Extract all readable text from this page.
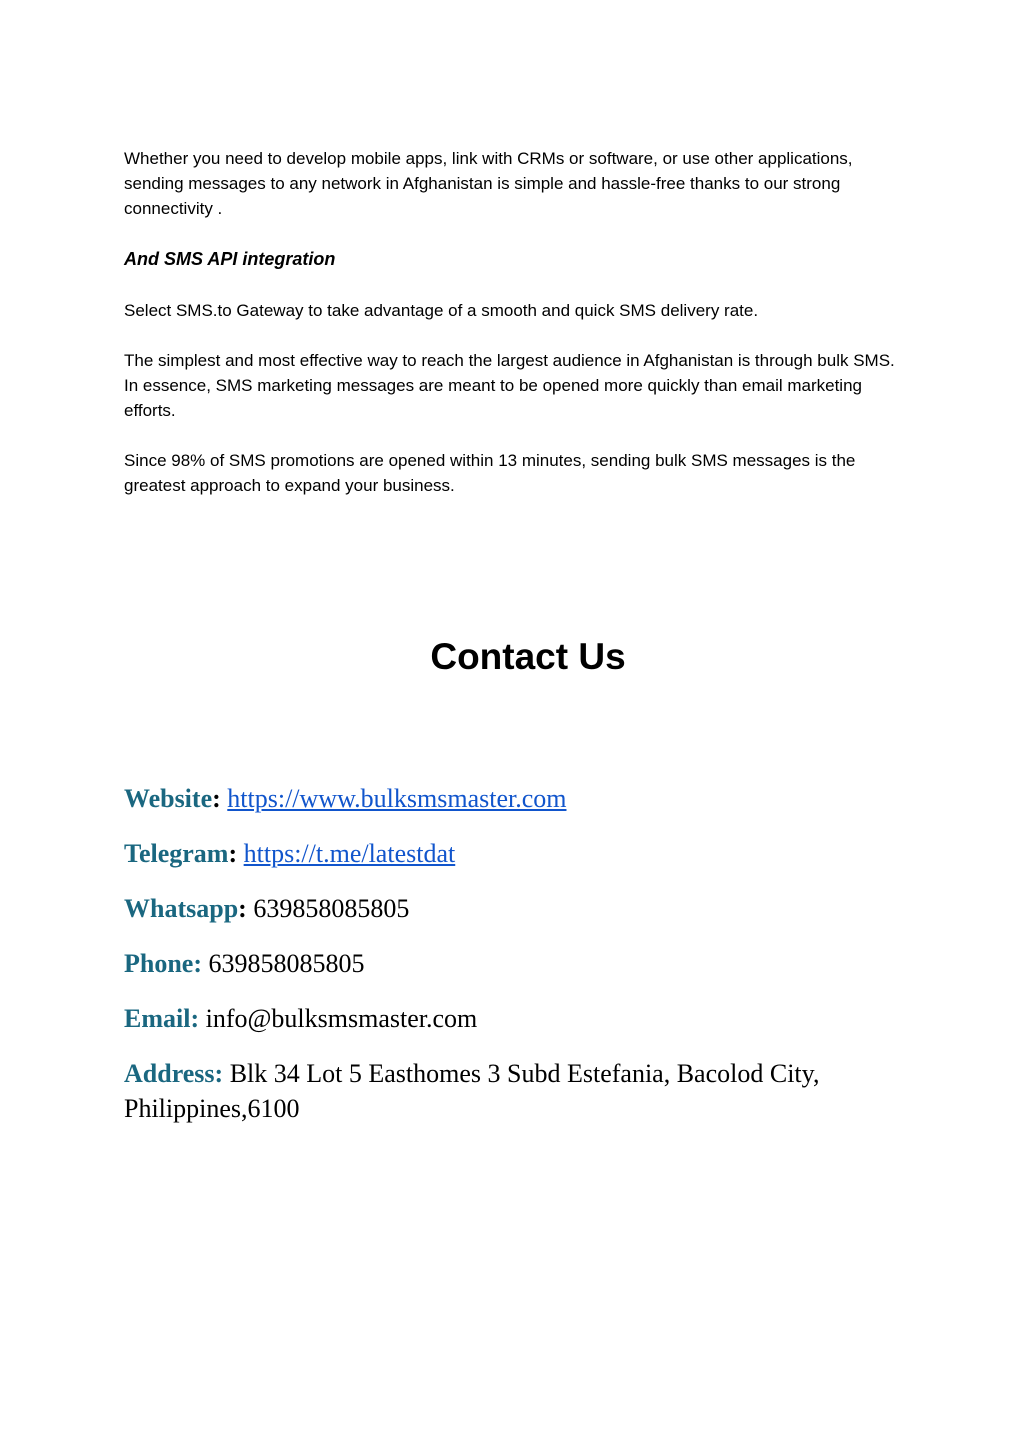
Whether you need to develop mobile apps, link with CRMs or software, or use other applications, sending messages to any network in Afghanistan is simple and hassle-free thanks to our strong connectivity .

And SMS API integration

Select SMS.to Gateway to take advantage of a smooth and quick SMS delivery rate.

The simplest and most effective way to reach the largest audience in Afghanistan is through bulk SMS. In essence, SMS marketing messages are meant to be opened more quickly than email marketing efforts.

Since 98% of SMS promotions are opened within 13 minutes, sending bulk SMS messages is the greatest approach to expand your business.

Contact Us

Website: https://www.bulksmsmaster.com

Telegram: https://t.me/latestdat

Whatsapp: 639858085805

Phone: 639858085805

Email: info@bulksmsmaster.com

Address: Blk 34 Lot 5 Easthomes 3 Subd Estefania, Bacolod City, Philippines,6100
